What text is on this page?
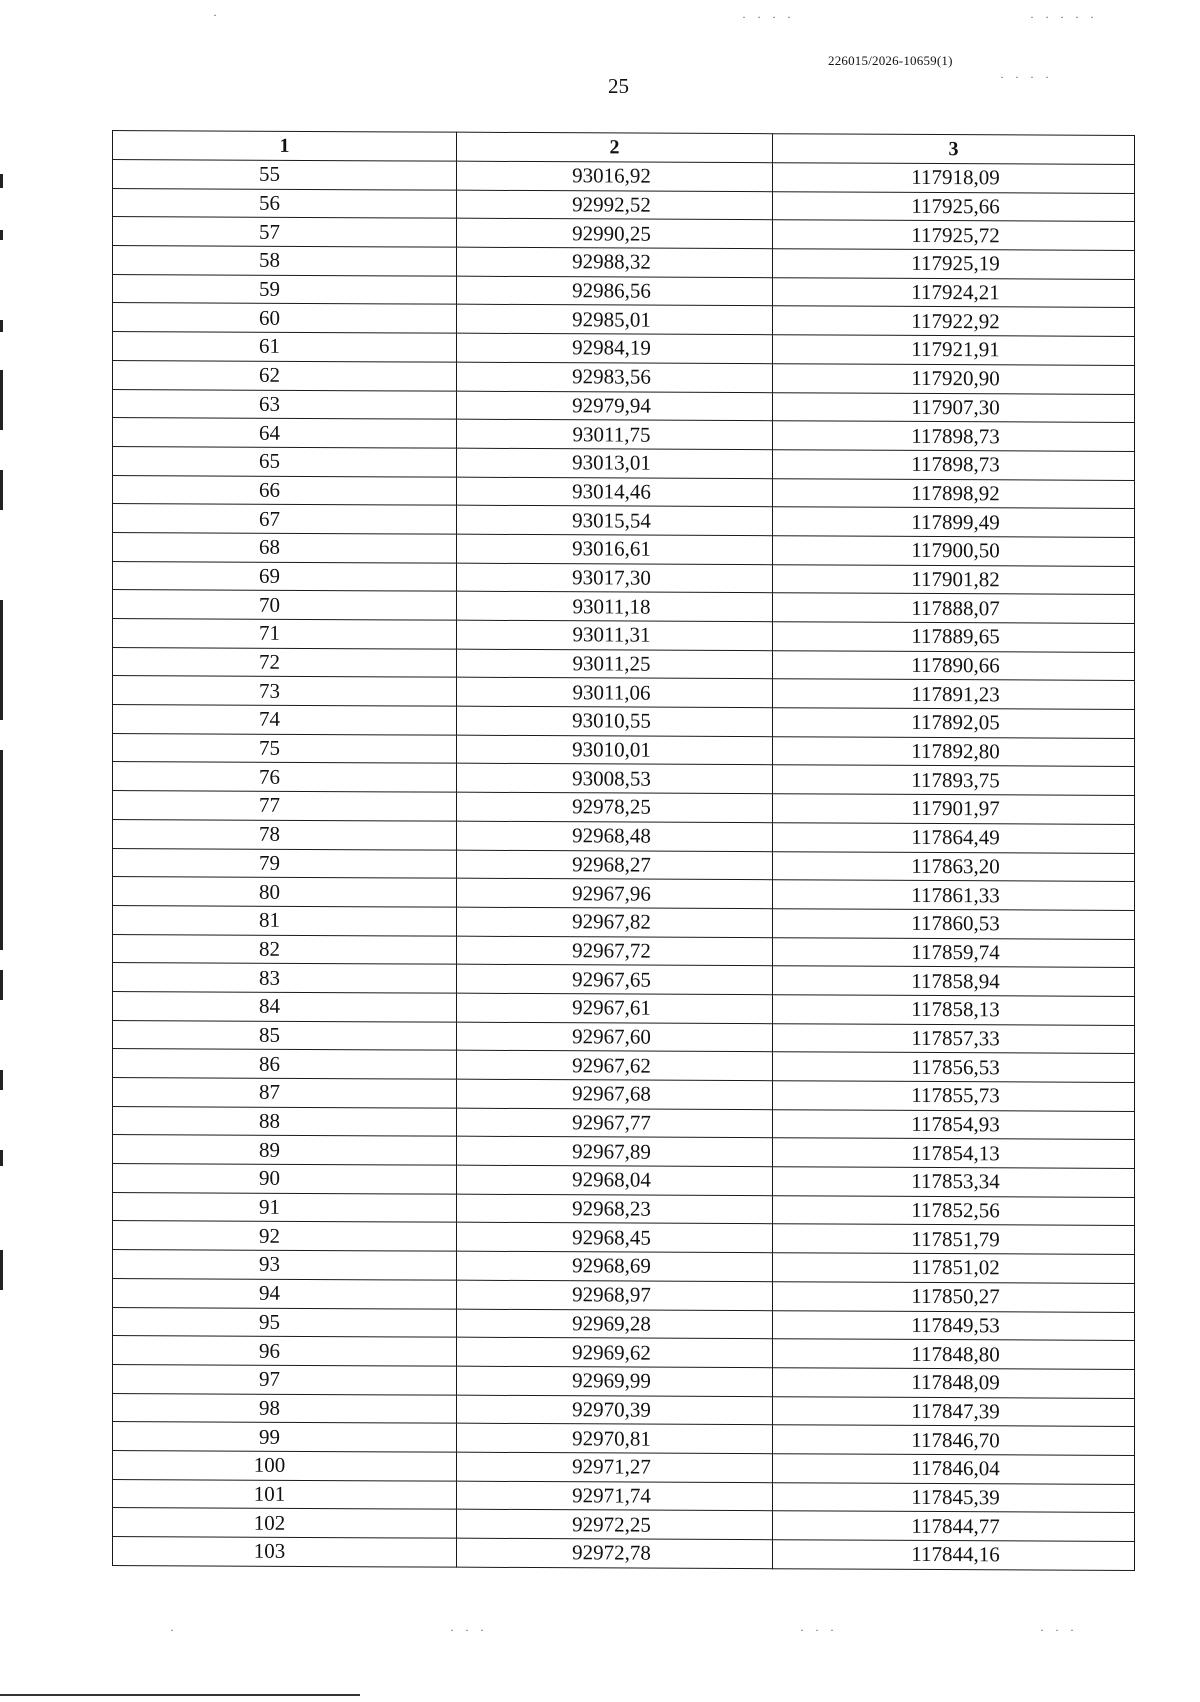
226015/2026-10659(1)
25
1	2	3
55	93016,92	117918,09
56	92992,52	117925,66
57	92990,25	117925,72
58	92988,32	117925,19
59	92986,56	117924,21
60	92985,01	117922,92
61	92984,19	117921,91
62	92983,56	117920,90
63	92979,94	117907,30
64	93011,75	117898,73
65	93013,01	117898,73
66	93014,46	117898,92
67	93015,54	117899,49
68	93016,61	117900,50
69	93017,30	117901,82
70	93011,18	117888,07
71	93011,31	117889,65
72	93011,25	117890,66
73	93011,06	117891,23
74	93010,55	117892,05
75	93010,01	117892,80
76	93008,53	117893,75
77	92978,25	117901,97
78	92968,48	117864,49
79	92968,27	117863,20
80	92967,96	117861,33
81	92967,82	117860,53
82	92967,72	117859,74
83	92967,65	117858,94
84	92967,61	117858,13
85	92967,60	117857,33
86	92967,62	117856,53
87	92967,68	117855,73
88	92967,77	117854,93
89	92967,89	117854,13
90	92968,04	117853,34
91	92968,23	117852,56
92	92968,45	117851,79
93	92968,69	117851,02
94	92968,97	117850,27
95	92969,28	117849,53
96	92969,62	117848,80
97	92969,99	117848,09
98	92970,39	117847,39
99	92970,81	117846,70
100	92971,27	117846,04
101	92971,74	117845,39
102	92972,25	117844,77
103	92972,78	117844,16
·	· · · ·	· · · · ·
· · · ·
·	· · ·	· · ·	· · ·
